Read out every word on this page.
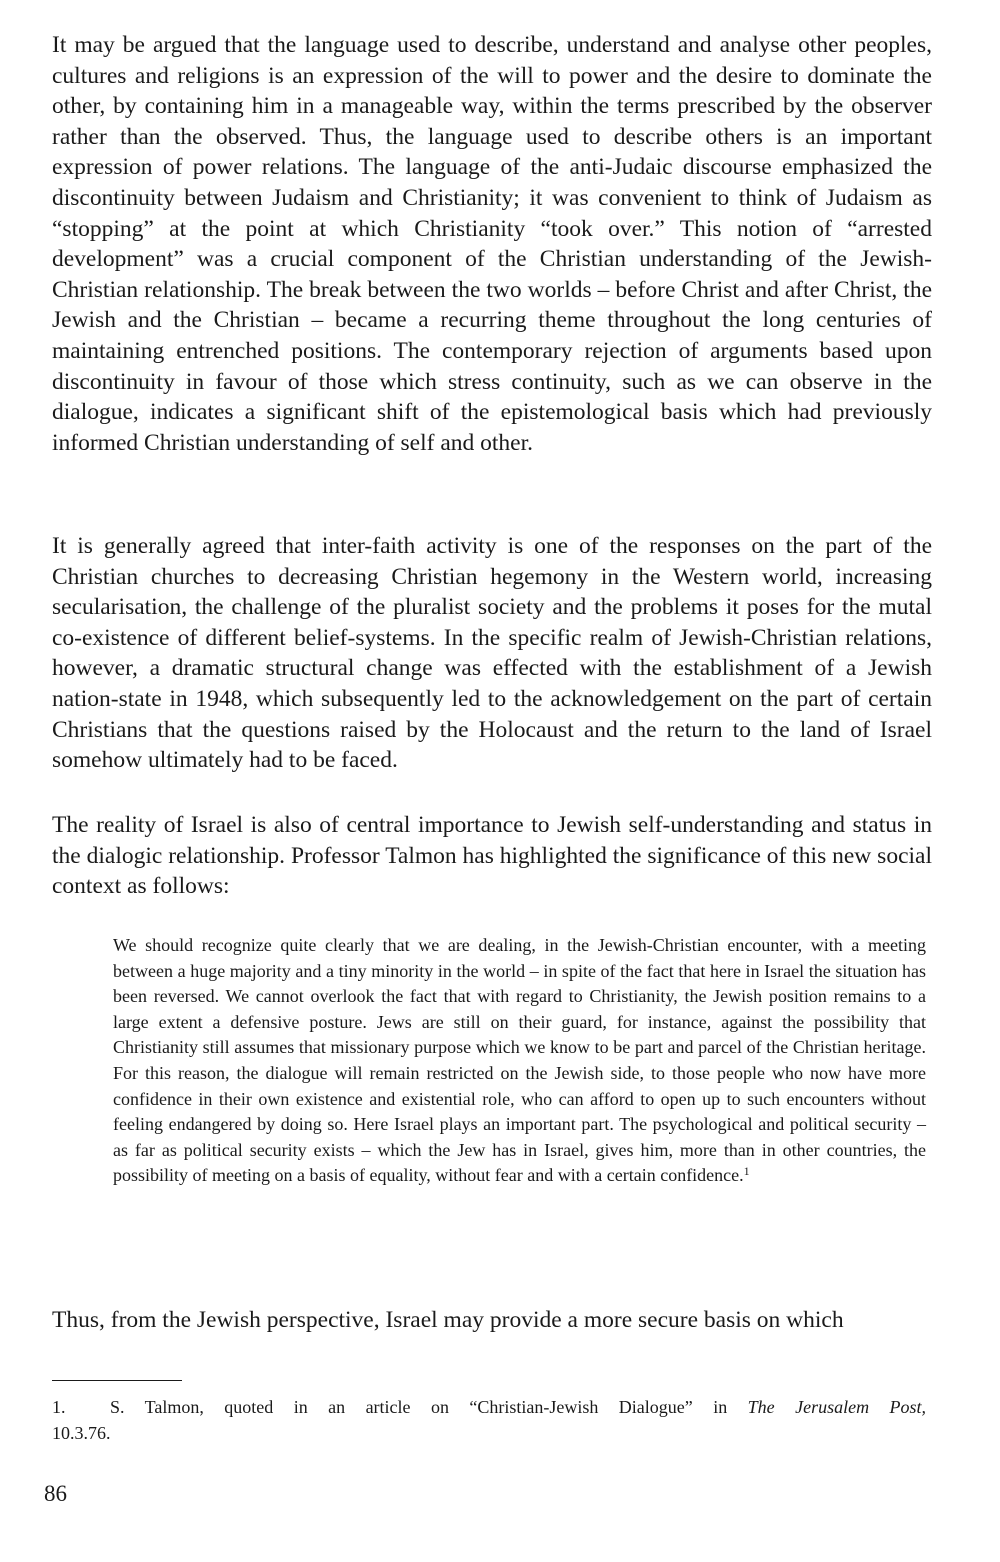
It may be argued that the language used to describe, understand and analyse other peoples, cultures and religions is an expression of the will to power and the desire to dominate the other, by containing him in a manageable way, within the terms prescribed by the observer rather than the observed. Thus, the language used to describe others is an important expression of power relations. The language of the anti-Judaic discourse emphasized the discontinuity between Judaism and Christianity; it was convenient to think of Judaism as “stopping” at the point at which Christianity “took over.” This notion of “arrested development” was a crucial component of the Christian understanding of the Jewish-Christian relationship. The break between the two worlds – before Christ and after Christ, the Jewish and the Christian – became a recurring theme throughout the long centuries of maintaining entrenched positions. The contemporary rejection of arguments based upon discontinuity in favour of those which stress continuity, such as we can observe in the dialogue, indicates a significant shift of the epistemological basis which had previously informed Christian understanding of self and other.

It is generally agreed that inter-faith activity is one of the responses on the part of the Christian churches to decreasing Christian hegemony in the Western world, increasing secularisation, the challenge of the pluralist society and the problems it poses for the mutal co-existence of different belief-systems. In the specific realm of Jewish-Christian relations, however, a dramatic structural change was effected with the establishment of a Jewish nation-state in 1948, which subsequently led to the acknowledgement on the part of certain Christians that the questions raised by the Holocaust and the return to the land of Israel somehow ultimately had to be faced.

The reality of Israel is also of central importance to Jewish self-understanding and status in the dialogic relationship. Professor Talmon has highlighted the significance of this new social context as follows:

We should recognize quite clearly that we are dealing, in the Jewish-Christian encounter, with a meeting between a huge majority and a tiny minority in the world – in spite of the fact that here in Israel the situation has been reversed. We cannot overlook the fact that with regard to Christianity, the Jewish position remains to a large extent a defensive posture. Jews are still on their guard, for instance, against the possibility that Christianity still assumes that missionary purpose which we know to be part and parcel of the Christian heritage. For this reason, the dialogue will remain restricted on the Jewish side, to those people who now have more confidence in their own existence and existential role, who can afford to open up to such encounters without feeling endangered by doing so. Here Israel plays an important part. The psychological and political security – as far as political security exists – which the Jew has in Israel, gives him, more than in other countries, the possibility of meeting on a basis of equality, without fear and with a certain confidence.$^1$

Thus, from the Jewish perspective, Israel may provide a more secure basis on which

1.	S. Talmon, quoted in an article on “Christian-Jewish Dialogue” in The Jerusalem Post,
10.3.76.

86
